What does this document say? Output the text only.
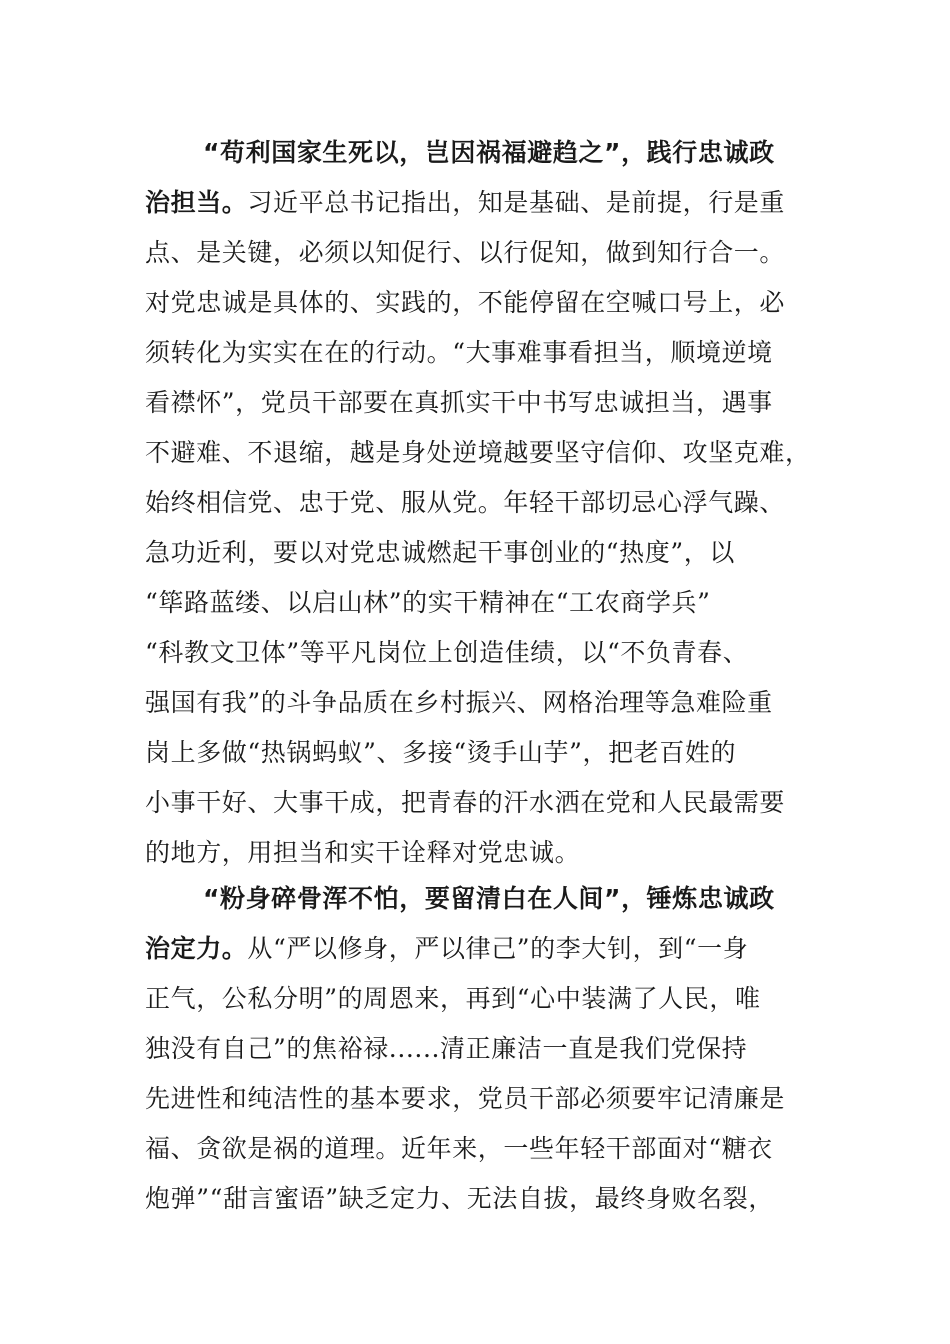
“苟利国家生死以，岂因祸福避趋之”，践行忠诚政
治担当。习近平总书记指出，知是基础、是前提，行是重
点、是关键，必须以知促行、以行促知，做到知行合一。
对党忠诚是具体的、实践的，不能停留在空喊口号上，必
须转化为实实在在的行动。“大事难事看担当，顺境逆境
看襟怀”，党员干部要在真抓实干中书写忠诚担当，遇事
不避难、不退缩，越是身处逆境越要坚守信仰、攻坚克难，
始终相信党、忠于党、服从党。年轻干部切忌心浮气躁、
急功近利，要以对党忠诚燃起干事创业的“热度”，以
“筚路蓝缕、以启山林”的实干精神在“工农商学兵”
“科教文卫体”等平凡岗位上创造佳绩，以“不负青春、
强国有我”的斗争品质在乡村振兴、网格治理等急难险重
岗上多做“热锅蚂蚁”、多接“烫手山芋”，把老百姓的
小事干好、大事干成，把青春的汗水洒在党和人民最需要
的地方，用担当和实干诠释对党忠诚。
“粉身碎骨浑不怕，要留清白在人间”，锤炼忠诚政
治定力。从“严以修身，严以律己”的李大钊，到“一身
正气，公私分明”的周恩来，再到“心中装满了人民，唯
独没有自己”的焦裕禄......清正廉洁一直是我们党保持
先进性和纯洁性的基本要求，党员干部必须要牢记清廉是
福、贪欲是祸的道理。近年来，一些年轻干部面对“糖衣
炮弹”“甜言蜜语”缺乏定力、无法自拔，最终身败名裂，
